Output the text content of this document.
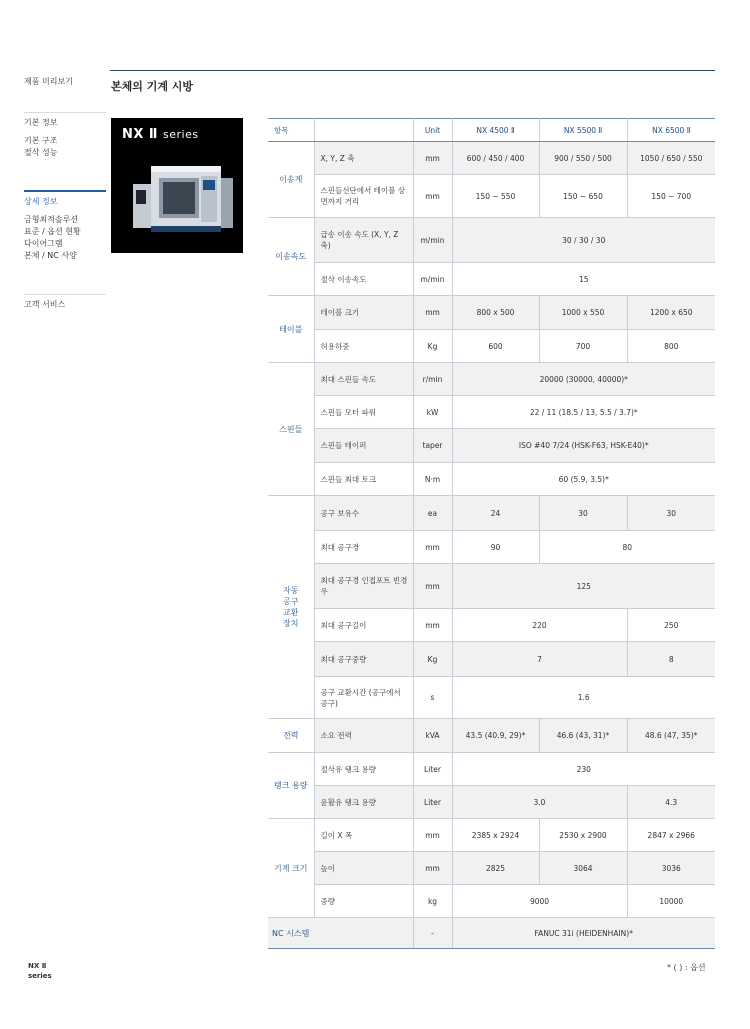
제품 미리보기
기본 정보
기본 구조
절삭 성능
상세 정보
금형최적솔루션
표준 / 옵션 현황
다이어그램
본체 / NC 사양
고객 서비스
본체의 기계 시방
NX Ⅱ series	항목		Unit	NX 4500 Ⅱ	NX 5500 Ⅱ	NX 6500 Ⅱ
이송계	X, Y, Z 축	mm	600 / 450 / 400	900 / 550 / 500	1050 / 650 / 550
	스핀들선단에서 테이블 상면까지 거리	mm	150 ~ 550	150 ~ 650	150 ~ 700
이송속도	급송 이송 속도 (X, Y, Z 축)	m/min	30 / 30 / 30		
	절삭 이송속도	m/min	15		
테이블	테이블 크기	mm	800 x 500	1000 x 550	1200 x 650
	허용하중	Kg	600	700	800
스핀들	최대 스핀들 속도	r/min	20000 (30000, 40000)*		
	스핀들 모터 파워	kW	22 / 11 (18.5 / 13, 5.5 / 3.7)*		
	스핀들 테이퍼	taper	ISO #40 7/24 (HSK-F63, HSK-E40)*		
	스핀들 최대 토크	N·m	60 (5.9, 3.5)*		
자동 공구 교환 장치	공구 보유수	ea	24	30	30
	최대 공구경	mm	90	80	
	최대 공구경 인접포트 빈경우	mm	125		
	최대 공구길이	mm	220		250
	최대 공구중량	Kg	7		8
	공구 교환시간 (공구에서 공구)	s	1.6		
전력	소요 전력	kVA	43.5 (40.9, 29)*	46.6 (43, 31)*	48.6 (47, 35)*
탱크 용량	절삭유 탱크 용량	Liter	230		
	윤활유 탱크 용량	Liter	3.0		4.3
기계 크기	길이 X 폭	mm	2385 x 2924	2530 x 2900	2847 x 2966
	높이	mm	2825	3064	3036
	중량	kg	9000		10000
NC 시스템		-	FANUC 31i (HEIDENHAIN)*		
* ( ) : 옵션
NX Ⅱ
series
